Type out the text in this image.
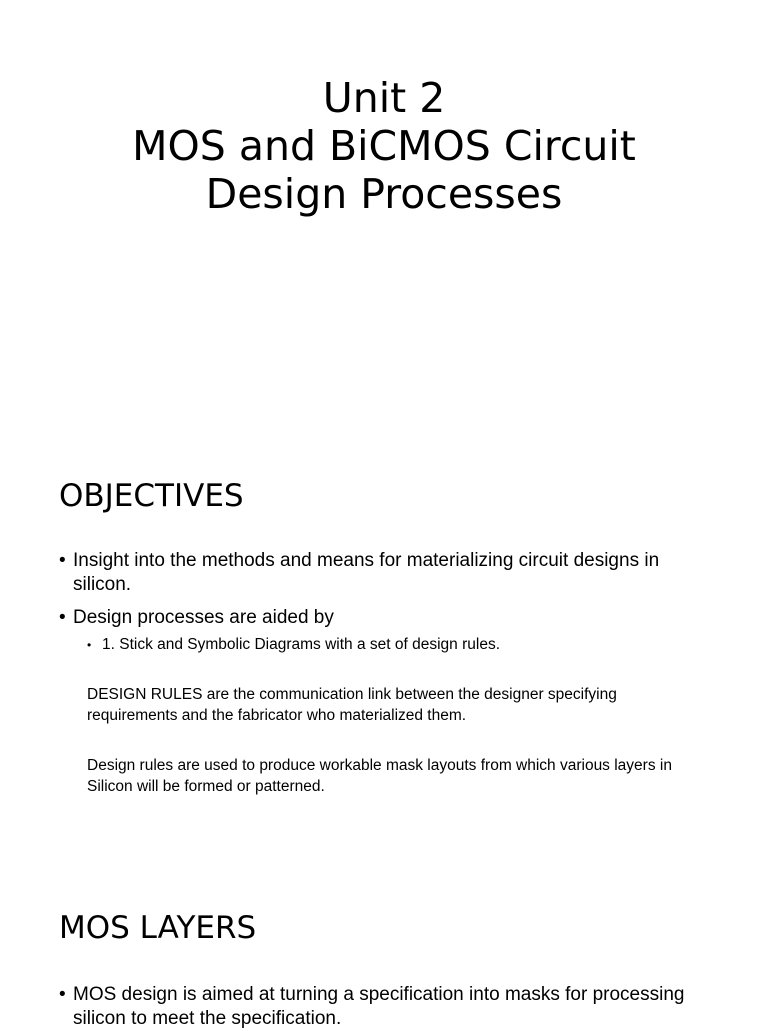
Unit 2
MOS and BiCMOS Circuit
Design Processes
OBJECTIVES
• Insight into the methods and means for materializing circuit designs in silicon.
• Design processes are aided by
• 1. Stick and Symbolic Diagrams with a set of design rules.
DESIGN RULES are the communication link between the designer specifying requirements and the fabricator who materialized them.
Design rules are used to produce workable mask layouts from which various layers in Silicon will be formed or patterned.
MOS LAYERS
• MOS design is aimed at turning a specification into masks for processing silicon to meet the specification.
